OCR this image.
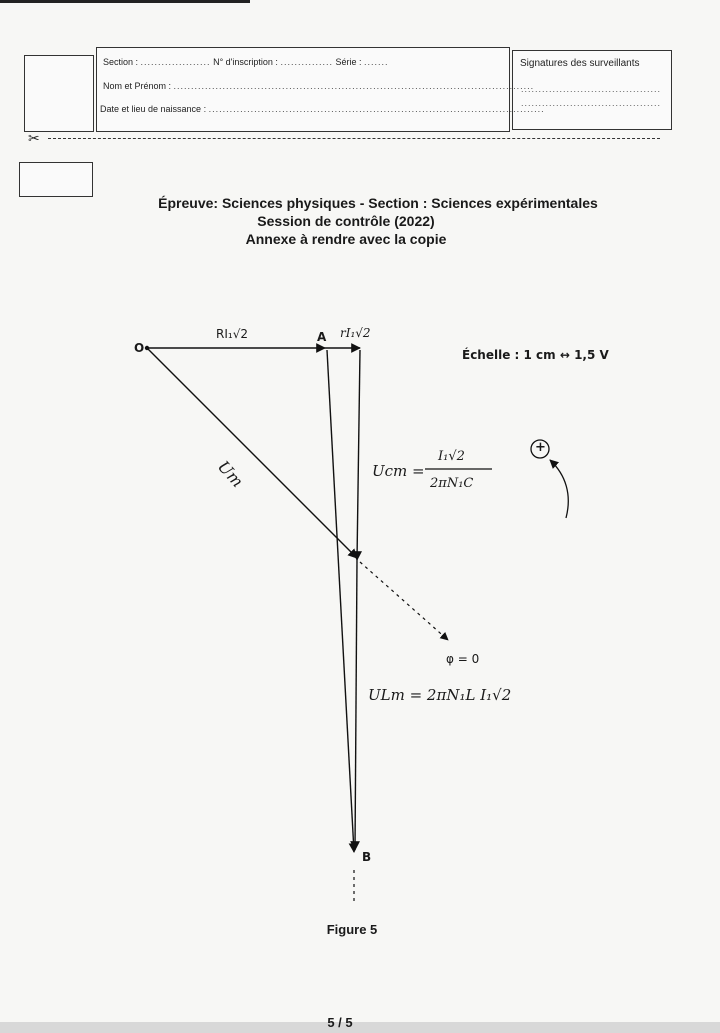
Section : .................... N° d'inscription : ............... Série : .......
Nom et Prénom : .......................................................................................................
Date et lieu de naissance : ................................................................................................
Signatures des surveillants
........................................
........................................
✂
Épreuve: Sciences physiques - Section : Sciences expérimentales
Session de contrôle (2022)
Annexe à rendre avec la copie
O
A
B
RI₁√2	rI₁√2
Um
Échelle : 1 cm ↔ 1,5 V
Ucm =
I₁√2
2πN₁C
φ = 0
ULm = 2πN₁L I₁√2
+
Figure 5
5 / 5
